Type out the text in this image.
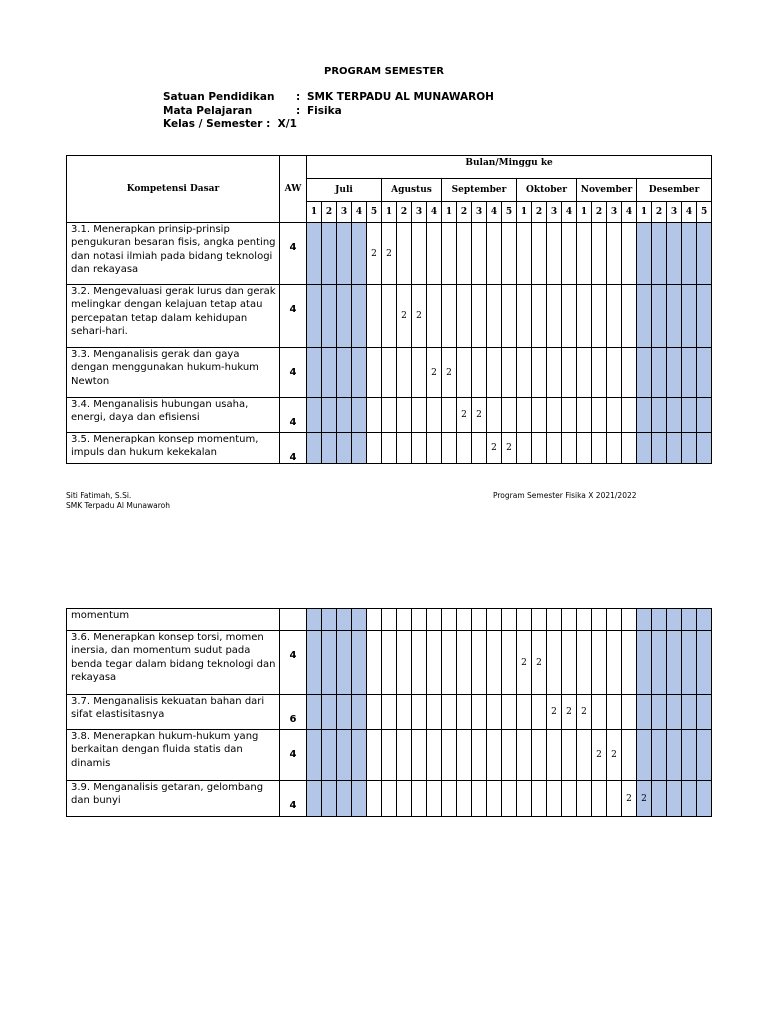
PROGRAM SEMESTER
Satuan Pendidikan : SMK TERPADU AL MUNAWAROH
Mata Pelajaran	: Fisika
Kelas / Semester : X/1
Kompetensi Dasar	AW	Bulan/Minggu ke																										
		Juli					Agustus				September					Oktober				November				Desember				
		1	2	3	4	5	1	2	3	4	1	2	3	4	5	1	2	3	4	1	2	3	4	1	2	3	4	5
3.1. Menerapkan prinsip-prinsip pengukuran besaran fisis, angka penting dan notasi ilmiah pada bidang teknologi dan rekayasa	4					2	2																					
3.2. Mengevaluasi gerak lurus dan gerak melingkar dengan kelajuan tetap atau percepatan tetap dalam kehidupan sehari-hari.	4							2	2																			
3.3. Menganalisis gerak dan gaya dengan menggunakan hukum-hukum Newton	4									2	2																	
3.4. Menganalisis hubungan usaha, energi, daya dan efisiensi	4											2	2															
3.5. Menerapkan konsep momentum, impuls dan hukum kekekalan	4													2	2													
Siti Fatimah, S.Si.
SMK Terpadu Al Munawaroh
Program Semester Fisika X 2021/2022
momentum																												
3.6. Menerapkan konsep torsi, momen inersia, dan momentum sudut pada benda tegar dalam bidang teknologi dan rekayasa	4															2	2											
3.7. Menganalisis kekuatan bahan dari sifat elastisitasnya	6																	2	2	2								
3.8. Menerapkan hukum-hukum yang berkaitan dengan fluida statis dan dinamis	4																				2	2						
3.9. Menganalisis getaran, gelombang dan bunyi	4																						2	2				
